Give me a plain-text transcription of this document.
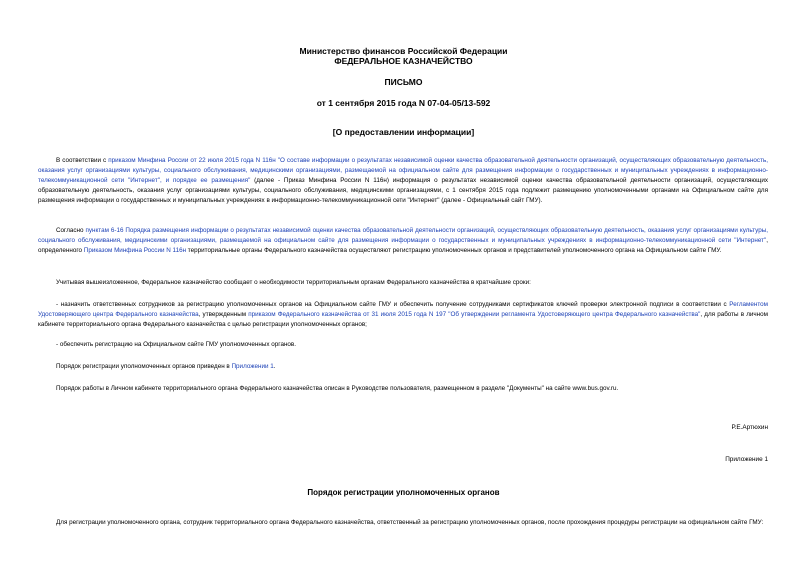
Министерство финансов Российской Федерации
ФЕДЕРАЛЬНОЕ КАЗНАЧЕЙСТВО
ПИСЬМО
от 1 сентября 2015 года N 07-04-05/13-592
[О предоставлении информации]
В соответствии с приказом Минфина России от 22 июля 2015 года N 116н "О составе информации о результатах независимой оценки качества образовательной деятельности организаций, осуществляющих образовательную деятельность, оказания услуг организациями культуры, социального обслуживания, медицинскими организациями, размещаемой на официальном сайте для размещения информации о государственных и муниципальных учреждениях в информационно-телекоммуникационной сети "Интернет", и порядке ее размещения" (далее - Приказ Минфина России N 116н) информация о результатах независимой оценки качества образовательной деятельности организаций, осуществляющих образовательную деятельность, оказания услуг организациями культуры, социального обслуживания, медицинскими организациями, с 1 сентября 2015 года подлежит размещению уполномоченными органами на Официальном сайте для размещения информации о государственных и муниципальных учреждениях в информационно-телекоммуникационной сети "Интернет" (далее - Официальный сайт ГМУ).
Согласно пунктам 6-16 Порядка размещения информации о результатах независимой оценки качества образовательной деятельности организаций, осуществляющих образовательную деятельность, оказания услуг организациями культуры, социального обслуживания, медицинскими организациями, размещаемой на официальном сайте для размещения информации о государственных и муниципальных учреждениях в информационно-телекоммуникационной сети "Интернет", определенного Приказом Минфина России N 116н территориальные органы Федерального казначейства осуществляют регистрацию уполномоченных органов и представителей уполномоченного органа на Официальном сайте ГМУ.
Учитывая вышеизложенное, Федеральное казначейство сообщает о необходимости территориальным органам Федерального казначейства в кратчайшие сроки:
- назначить ответственных сотрудников за регистрацию уполномоченных органов на Официальном сайте ГМУ и обеспечить получение сотрудниками сертификатов ключей проверки электронной подписи в соответствии с Регламентом Удостоверяющего центра Федерального казначейства, утвержденным приказом Федерального казначейства от 31 июля 2015 года N 197 "Об утверждении регламента Удостоверяющего центра Федерального казначейства", для работы в личном кабинете территориального органа Федерального казначейства с целью регистрации уполномоченных органов;
- обеспечить регистрацию на Официальном сайте ГМУ уполномоченных органов.
Порядок регистрации уполномоченных органов приведен в Приложении 1.
Порядок работы в Личном кабинете территориального органа Федерального казначейства описан в Руководстве пользователя, размещенном в разделе "Документы" на сайте www.bus.gov.ru.
Р.Е.Артюхин
Приложение 1
Порядок регистрации уполномоченных органов
Для регистрации уполномоченного органа, сотрудник территориального органа Федерального казначейства, ответственный за регистрацию уполномоченных органов, после прохождения процедуры регистрации на официальном сайте ГМУ:
